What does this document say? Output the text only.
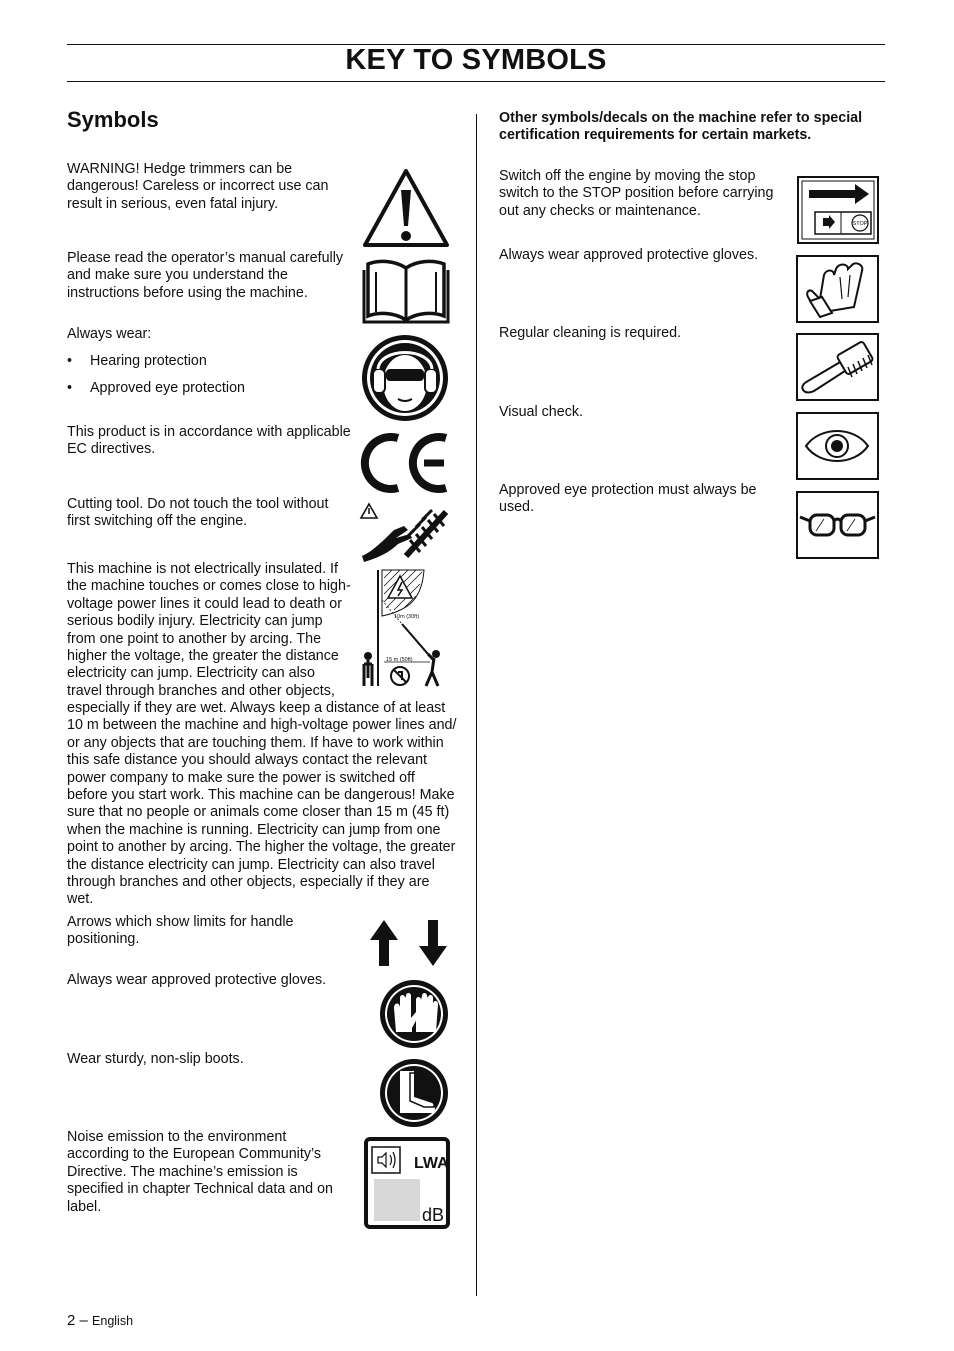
KEY TO SYMBOLS
Symbols
WARNING! Hedge trimmers can be dangerous! Careless or incorrect use can result in serious, even fatal injury.
Please read the operator’s manual carefully and make sure you understand the instructions before using the machine.
Always wear:
• Hearing protection
• Approved eye protection
This product is in accordance with applicable EC directives.
Cutting tool. Do not touch the tool without first switching off the engine.
This machine is not electrically insulated. If the machine touches or comes close to high-voltage power lines it could lead to death or serious bodily injury. Electricity can jump from one point to another by arcing. The higher the voltage, the greater the distance electricity can jump. Electricity can also travel through branches and other objects,
especially if they are wet. Always keep a distance of at least 10 m between the machine and high-voltage power lines and/ or any objects that are touching them. If have to work within this safe distance you should always contact the relevant power company to make sure the power is switched off before you start work. This machine can be dangerous! Make sure that no people or animals come closer than 15 m (45 ft) when the machine is running. Electricity can jump from one point to another by arcing. The higher the voltage, the greater the distance electricity can jump. Electricity can also travel through branches and other objects, especially if they are wet.
Arrows which show limits for handle positioning.
Always wear approved protective gloves.
Wear sturdy, non-slip boots.
Noise emission to the environment according to the European Community’s Directive. The machine’s emission is specified in chapter Technical data and on label.
10m (30ft)
15 m (50ft)
LWA
dB
Other symbols/decals on the machine refer to special certification requirements for certain markets.
Switch off the engine by moving the stop switch to the STOP position before carrying out any checks or maintenance.
Always wear approved protective gloves.
Regular cleaning is required.
Visual check.
Approved eye protection must always be used.
STOP
2 – English
